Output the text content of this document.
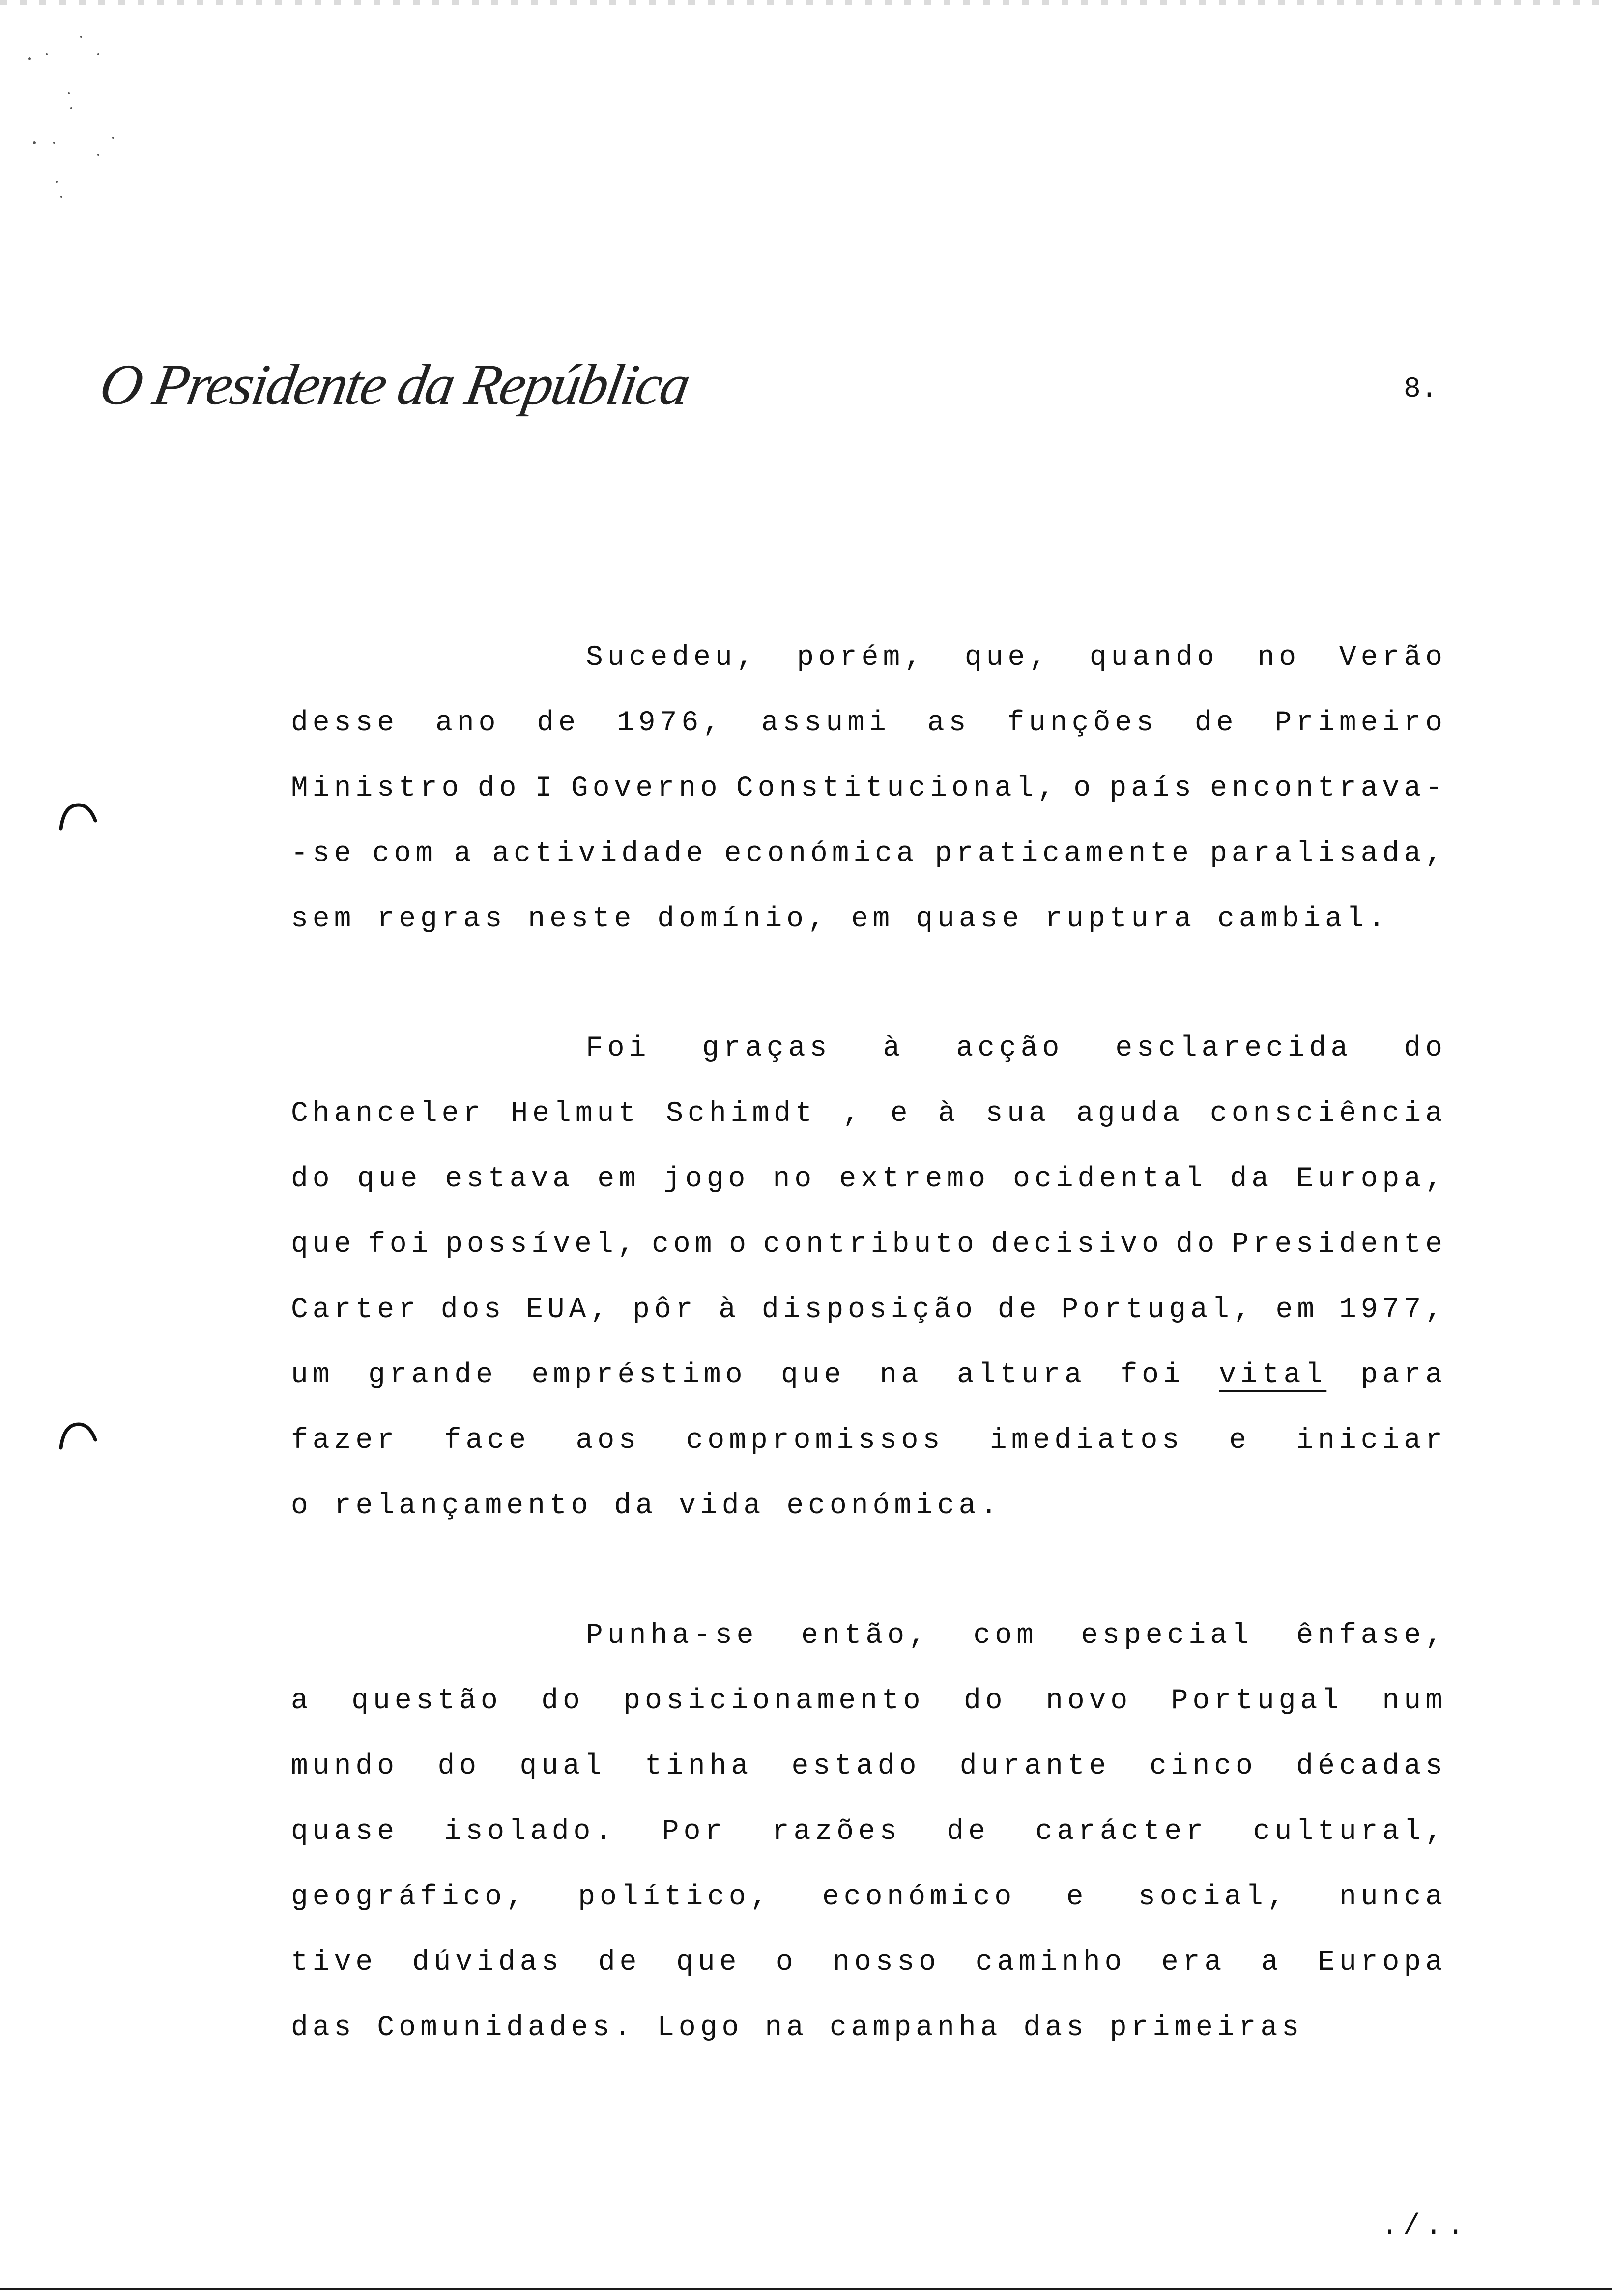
O Presidente da República	8.
Sucedeu, porém, que, quando no Verão
desse ano de 1976, assumi as funções de Primeiro
Ministro do I Governo Constitucional, o país encontrava-
-se com a actividade económica praticamente paralisada,
sem regras neste domínio, em quase ruptura cambial.
Foi graças à acção esclarecida do
Chanceler Helmut Schimdt , e à sua aguda consciência
do que estava em jogo no extremo ocidental da Europa,
que foi possível, com o contributo decisivo do Presidente
Carter dos EUA, pôr à disposição de Portugal, em 1977,
um grande empréstimo que na altura foi vital para
fazer face aos compromissos imediatos e iniciar
o relançamento da vida económica.
Punha-se então, com especial ênfase,
a questão do posicionamento do novo Portugal num
mundo do qual tinha estado durante cinco décadas
quase isolado. Por razões de carácter cultural,
geográfico, político, económico e social, nunca
tive dúvidas de que o nosso caminho era a Europa
das Comunidades. Logo na campanha das primeiras
./..
